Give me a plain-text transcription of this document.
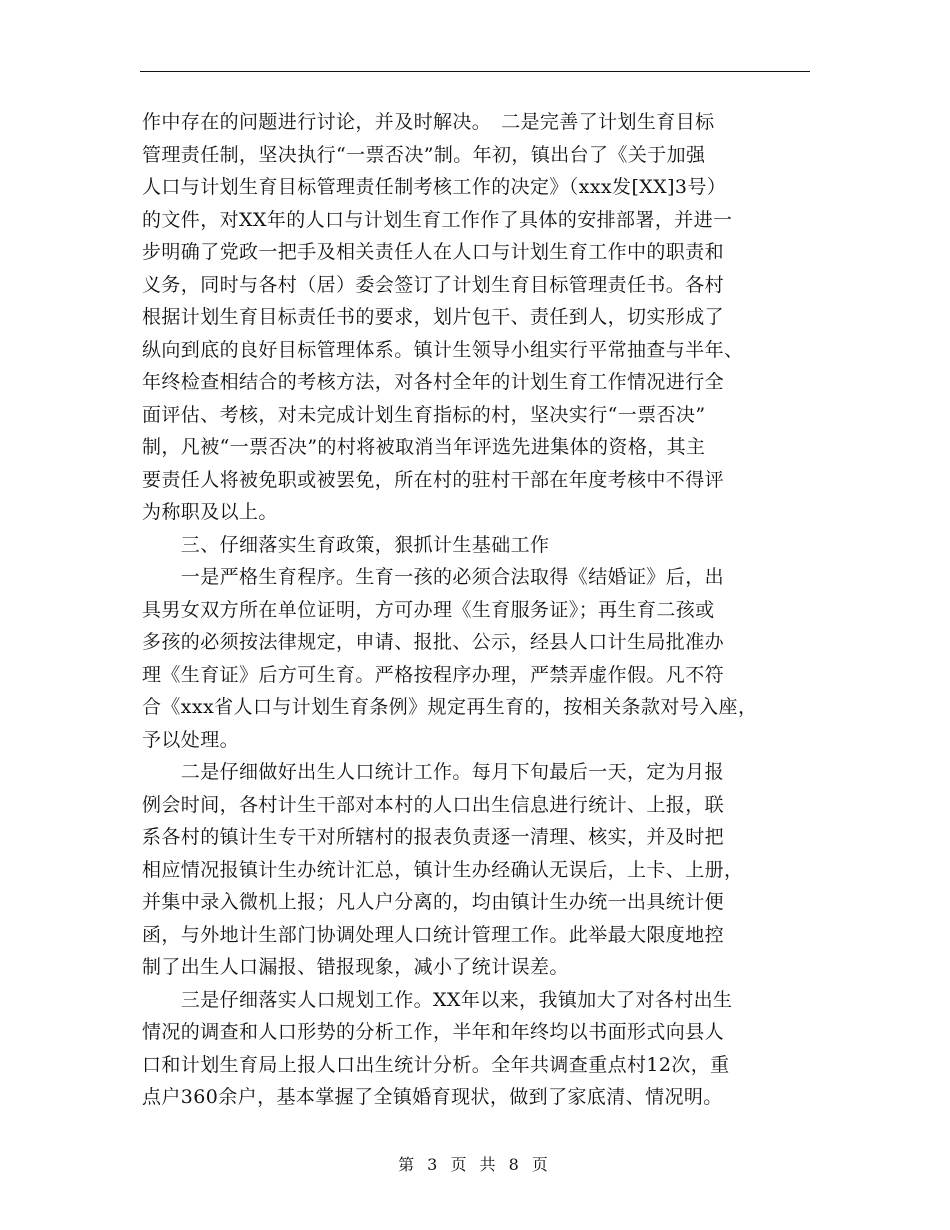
作中存在的问题进行讨论，并及时解决。　二是完善了计划生育目标
管理责任制，坚决执行“一票否决”制。年初，镇出台了《关于加强
人口与计划生育目标管理责任制考核工作的决定》（xxx发[XX]3号）
的文件，对XX年的人口与计划生育工作作了具体的安排部署，并进一
步明确了党政一把手及相关责任人在人口与计划生育工作中的职责和
义务，同时与各村（居）委会签订了计划生育目标管理责任书。各村
根据计划生育目标责任书的要求，划片包干、责任到人，切实形成了
纵向到底的良好目标管理体系。镇计生领导小组实行平常抽查与半年、
年终检查相结合的考核方法，对各村全年的计划生育工作情况进行全
面评估、考核，对未完成计划生育指标的村，坚决实行“一票否决”
制，凡被“一票否决”的村将被取消当年评选先进集体的资格，其主
要责任人将被免职或被罢免，所在村的驻村干部在年度考核中不得评
为称职及以上。
　　三、仔细落实生育政策，狠抓计生基础工作
　　一是严格生育程序。生育一孩的必须合法取得《结婚证》后，出
具男女双方所在单位证明，方可办理《生育服务证》；再生育二孩或
多孩的必须按法律规定，申请、报批、公示，经县人口计生局批准办
理《生育证》后方可生育。严格按程序办理，严禁弄虚作假。凡不符
合《xxx省人口与计划生育条例》规定再生育的，按相关条款对号入座，
予以处理。
　　二是仔细做好出生人口统计工作。每月下旬最后一天，定为月报
例会时间，各村计生干部对本村的人口出生信息进行统计、上报，联
系各村的镇计生专干对所辖村的报表负责逐一清理、核实，并及时把
相应情况报镇计生办统计汇总，镇计生办经确认无误后，上卡、上册，
并集中录入微机上报；凡人户分离的，均由镇计生办统一出具统计便
函，与外地计生部门协调处理人口统计管理工作。此举最大限度地控
制了出生人口漏报、错报现象，减小了统计误差。
　　三是仔细落实人口规划工作。XX年以来，我镇加大了对各村出生
情况的调查和人口形势的分析工作，半年和年终均以书面形式向县人
口和计划生育局上报人口出生统计分析。全年共调查重点村12次，重
点户360余户，基本掌握了全镇婚育现状，做到了家底清、情况明。
第 3 页 共 8 页
